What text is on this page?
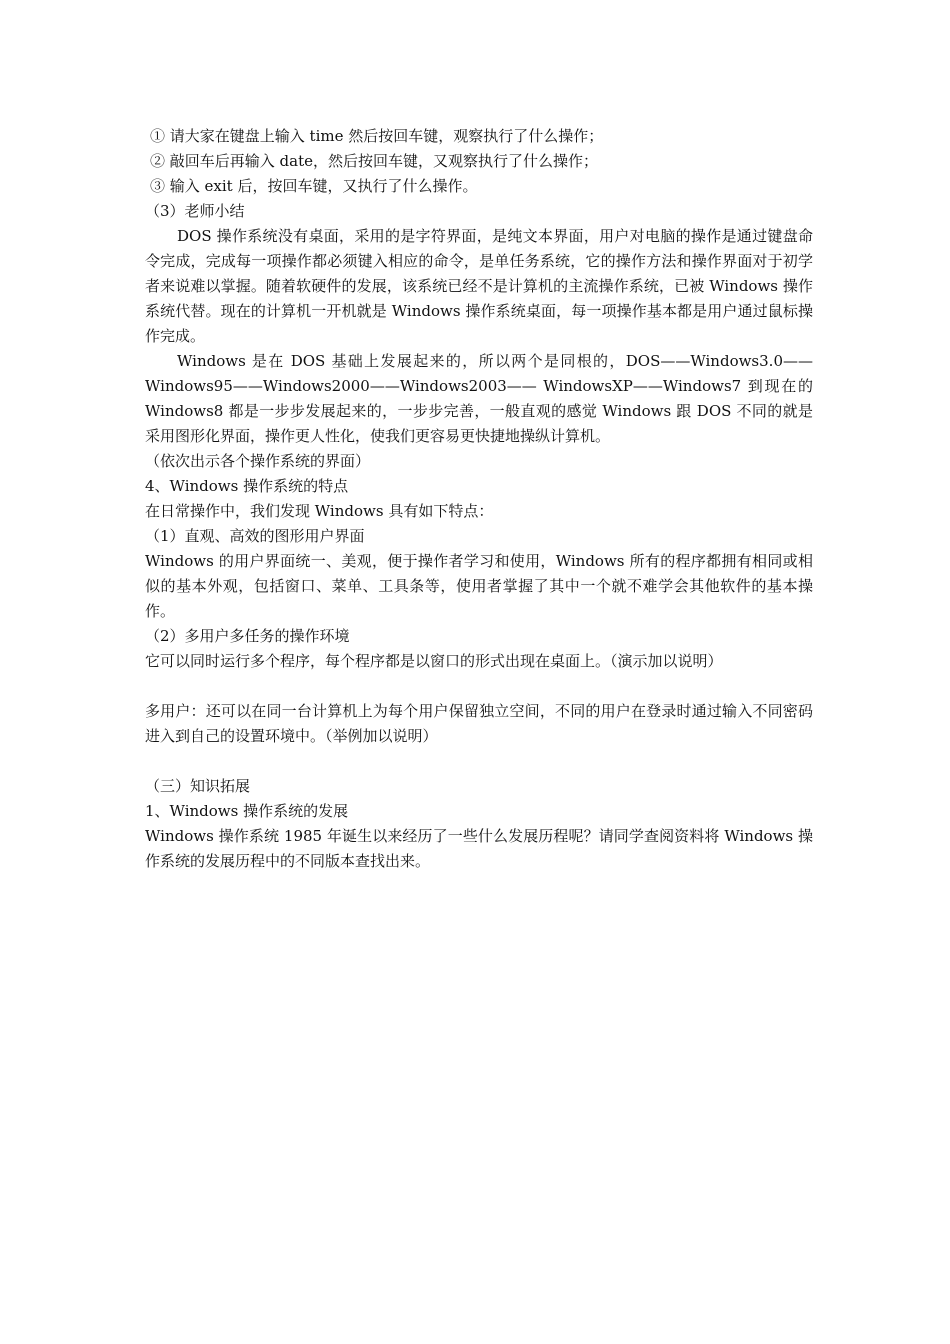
① 请大家在键盘上输入 time 然后按回车键，观察执行了什么操作；
② 敲回车后再输入 date，然后按回车键，又观察执行了什么操作；
③ 输入 exit 后，按回车键，又执行了什么操作。
（3）老师小结

DOS 操作系统没有桌面，采用的是字符界面，是纯文本界面，用户对电脑的操作是通过键盘命令完成，完成每一项操作都必须键入相应的命令，是单任务系统，它的操作方法和操作界面对于初学者来说难以掌握。随着软硬件的发展，该系统已经不是计算机的主流操作系统，已被 Windows 操作系统代替。现在的计算机一开机就是 Windows 操作系统桌面，每一项操作基本都是用户通过鼠标操作完成。

Windows 是在 DOS 基础上发展起来的，所以两个是同根的，DOS——Windows3.0——Windows95——Windows2000——Windows2003—— WindowsXP——Windows7 到现在的 Windows8 都是一步步发展起来的，一步步完善，一般直观的感觉 Windows 跟 DOS 不同的就是采用图形化界面，操作更人性化，使我们更容易更快捷地操纵计算机。

（依次出示各个操作系统的界面）
4、Windows 操作系统的特点
在日常操作中，我们发现 Windows 具有如下特点：
（1）直观、高效的图形用户界面

Windows 的用户界面统一、美观，便于操作者学习和使用，Windows 所有的程序都拥有相同或相似的基本外观，包括窗口、菜单、工具条等，使用者掌握了其中一个就不难学会其他软件的基本操作。

（2）多用户多任务的操作环境

它可以同时运行多个程序，每个程序都是以窗口的形式出现在桌面上。（演示加以说明）

多用户：还可以在同一台计算机上为每个用户保留独立空间，不同的用户在登录时通过输入不同密码进入到自己的设置环境中。（举例加以说明）

（三）知识拓展
1、Windows 操作系统的发展

Windows 操作系统 1985 年诞生以来经历了一些什么发展历程呢？请同学查阅资料将 Windows 操作系统的发展历程中的不同版本查找出来。
